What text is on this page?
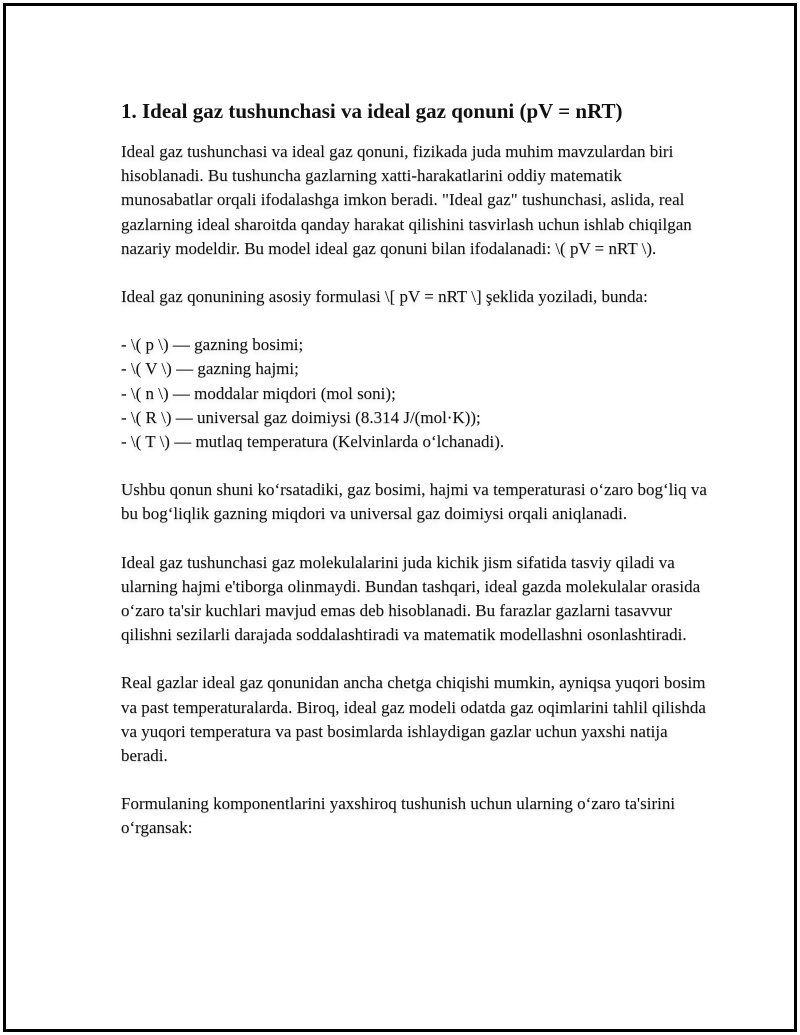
1. Ideal gaz tushunchasi va ideal gaz qonuni (pV = nRT)

Ideal gaz tushunchasi va ideal gaz qonuni, fizikada juda muhim mavzulardan biri hisoblanadi. Bu tushuncha gazlarning xatti-harakatlarini oddiy matematik munosabatlar orqali ifodalashga imkon beradi. "Ideal gaz" tushunchasi, aslida, real gazlarning ideal sharoitda qanday harakat qilishini tasvirlash uchun ishlab chiqilgan nazariy modeldir. Bu model ideal gaz qonuni bilan ifodalanadi: \( pV = nRT \).

Ideal gaz qonunining asosiy formulasi \[ pV = nRT \] şeklida yoziladi, bunda:

- \( p \) — gazning bosimi;
- \( V \) — gazning hajmi;
- \( n \) — moddalar miqdori (mol soni);
- \( R \) — universal gaz doimiysi (8.314 J/(mol·K));
- \( T \) — mutlaq temperatura (Kelvinlarda o‘lchanadi).

Ushbu qonun shuni ko‘rsatadiki, gaz bosimi, hajmi va temperaturasi o‘zaro bog‘liq va bu bog‘liqlik gazning miqdori va universal gaz doimiysi orqali aniqlanadi.

Ideal gaz tushunchasi gaz molekulalarini juda kichik jism sifatida tasviy qiladi va ularning hajmi e'tiborga olinmaydi. Bundan tashqari, ideal gazda molekulalar orasida o‘zaro ta'sir kuchlari mavjud emas deb hisoblanadi. Bu farazlar gazlarni tasavvur qilishni sezilarli darajada soddalashtiradi va matematik modellashni osonlashtiradi.

Real gazlar ideal gaz qonunidan ancha chetga chiqishi mumkin, ayniqsa yuqori bosim va past temperaturalarda. Biroq, ideal gaz modeli odatda gaz oqimlarini tahlil qilishda va yuqori temperatura va past bosimlarda ishlaydigan gazlar uchun yaxshi natija beradi.

Formulaning komponentlarini yaxshiroq tushunish uchun ularning o‘zaro ta'sirini o‘rgansak:
